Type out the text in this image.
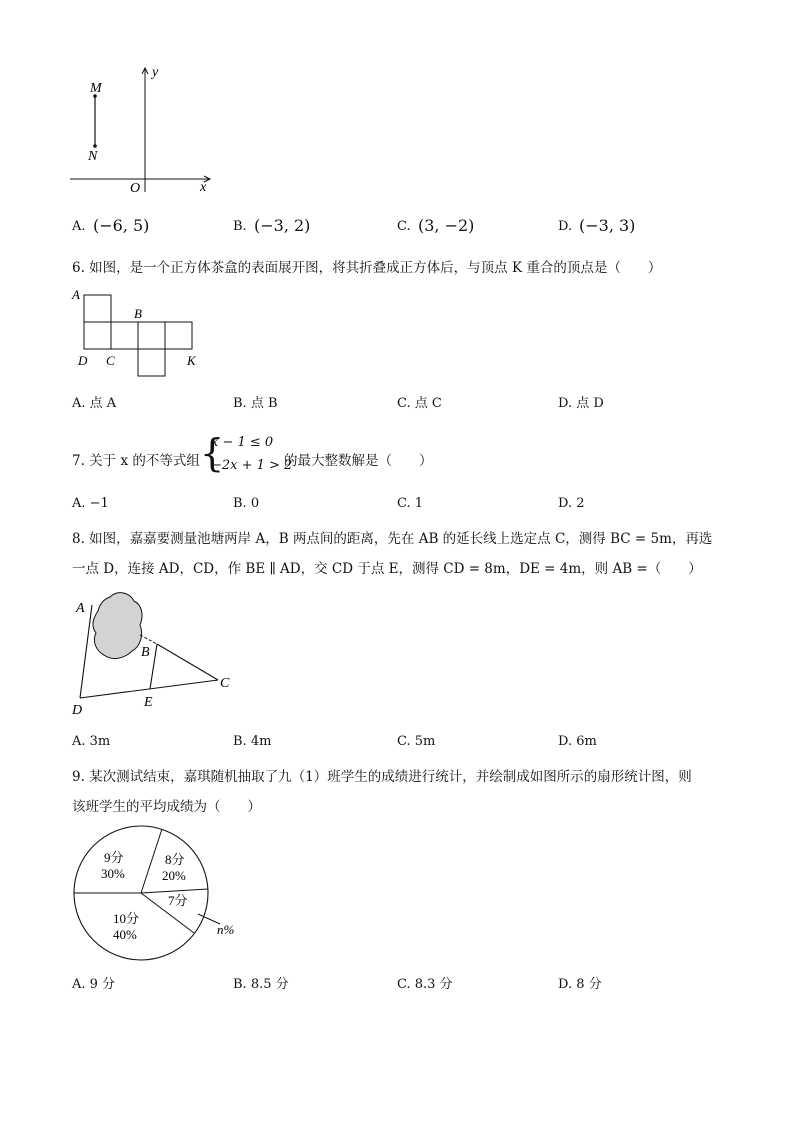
y
x
O
M
N
A. (−6, 5)	B. (−3, 2)	C. (3, −2)	D. (−3, 3)
6. 如图，是一个正方体茶盒的表面展开图，将其折叠成正方体后，与顶点 K 重合的顶点是（　　）
A
B
D C	K
A. 点 A	B. 点 B	C. 点 C	D. 点 D
7. 关于 x 的不等式组 {
x − 1 ≤ 0
−2x + 1 > 2
的最大整数解是（　　）
A. −1	B. 0	C. 1	D. 2
8. 如图，嘉嘉要测量池塘两岸 A，B 两点间的距离，先在 AB 的延长线上选定点 C，测得 BC = 5m，再选
一点 D，连接 AD，CD，作 BE ∥ AD，交 CD 于点 E，测得 CD = 8m，DE = 4m，则 AB =（　　）
A
B
C
D
E
A. 3m	B. 4m	C. 5m	D. 6m
9. 某次测试结束，嘉琪随机抽取了九（1）班学生的成绩进行统计，并绘制成如图所示的扇形统计图，则
该班学生的平均成绩为（　　）
9分
30%
8分
20%
7分
10分
40%	n%
A. 9 分	B. 8.5 分	C. 8.3 分	D. 8 分
